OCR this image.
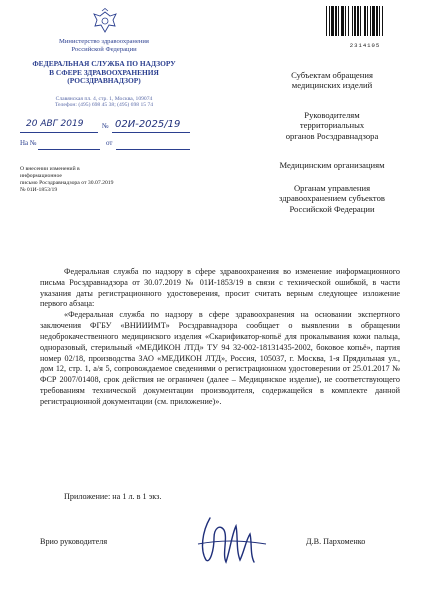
Министерство здравоохранения
Российской Федерации
ФЕДЕРАЛЬНАЯ СЛУЖБА ПО НАДЗОРУ
В СФЕРЕ ЗДРАВООХРАНЕНИЯ
(РОСЗДРАВНАДЗОР)
Славянская пл. 4, стр. 1, Москва, 109074
Телефон: (495) 698 45 38; (495) 698 15 74
20 АВГ 2019	№ 02И-2025/19
На №	от
О внесении изменений в информационное
письмо Росздравнадзора от 30.07.2019
№ 01И-1853/19
2314105
Субъектам обращения
медицинских изделий
Руководителям
территориальных
органов Росздравнадзора
Медицинским организациям
Органам управления
здравоохранением субъектов
Российской Федерации

Федеральная служба по надзору в сфере здравоохранения во изменение информационного письма Росздравнадзора от 30.07.2019 № 01И-1853/19 в связи с технической ошибкой, в части указания даты регистрационного удостоверения, просит считать верным следующее изложение первого абзаца:

«Федеральная служба по надзору в сфере здравоохранения на основании экспертного заключения ФГБУ «ВНИИИМТ» Росздравнадзора сообщает о выявлении в обращении недоброкачественного медицинского изделия «Скарификатор-копьё для прокалывания кожи пальца, одноразовый, стерильный «МЕДИКОН ЛТД» ТУ 94 32-002-18131435-2002, боковое копьё», партия номер 02/18, производства ЗАО «МЕДИКОН ЛТД», Россия, 105037, г. Москва, 1-я Прядильная ул., дом 12, стр. 1, а/я 5, сопровождаемое сведениями о регистрационном удостоверении от 25.01.2017 № ФСР 2007/01408, срок действия не ограничен (далее – Медицинское изделие), не соответствующего требованиям технической документации производителя, содержащейся в комплекте данной регистрационной документации (см. приложение)».

Приложение: на 1 л. в 1 экз.
Врио руководителя	Д.В. Пархоменко
